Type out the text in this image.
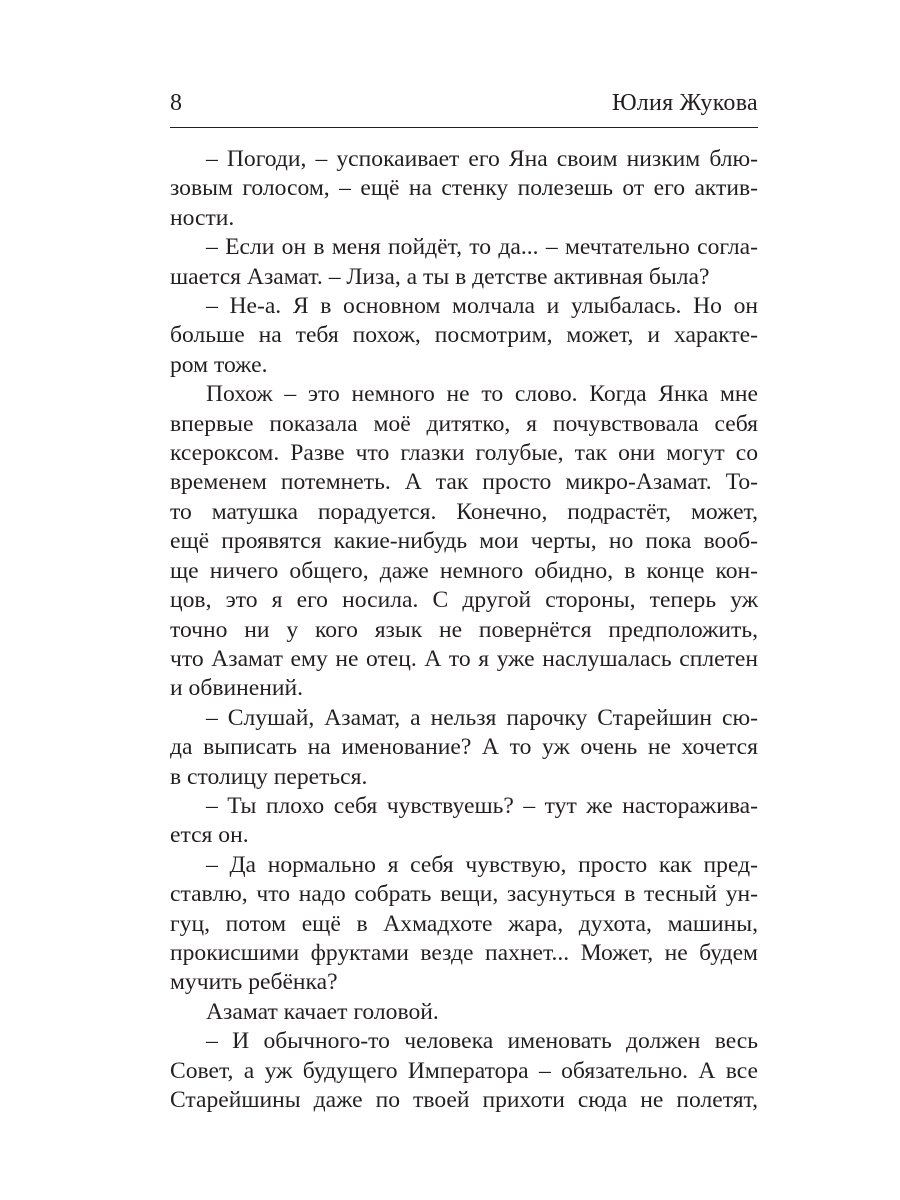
8	Юлия Жукова
– Погоди, – успокаивает его Яна своим низким блю-
зовым голосом, – ещё на стенку полезешь от его актив-
ности.
– Если он в меня пойдёт, то да... – мечтательно согла-
шается Азамат. – Лиза, а ты в детстве активная была?
– Не-а. Я в основном молчала и улыбалась. Но он
больше на тебя похож, посмотрим, может, и характе-
ром тоже.
Похож – это немного не то слово. Когда Янка мне
впервые показала моё дитятко, я почувствовала себя
ксероксом. Разве что глазки голубые, так они могут со
временем потемнеть. А так просто микро-Азамат. То-
то матушка порадуется. Конечно, подрастёт, может,
ещё проявятся какие-нибудь мои черты, но пока вооб-
ще ничего общего, даже немного обидно, в конце кон-
цов, это я его носила. С другой стороны, теперь уж
точно ни у кого язык не повернётся предположить,
что Азамат ему не отец. А то я уже наслушалась сплетен
и обвинений.
– Слушай, Азамат, а нельзя парочку Старейшин сю-
да выписать на именование? А то уж очень не хочется
в столицу переться.
– Ты плохо себя чувствуешь? – тут же насторажива-
ется он.
– Да нормально я себя чувствую, просто как пред-
ставлю, что надо собрать вещи, засунуться в тесный ун-
гуц, потом ещё в Ахмадхоте жара, духота, машины,
прокисшими фруктами везде пахнет... Может, не будем
мучить ребёнка?
Азамат качает головой.
– И обычного-то человека именовать должен весь
Совет, а уж будущего Императора – обязательно. А все
Старейшины даже по твоей прихоти сюда не полетят,
